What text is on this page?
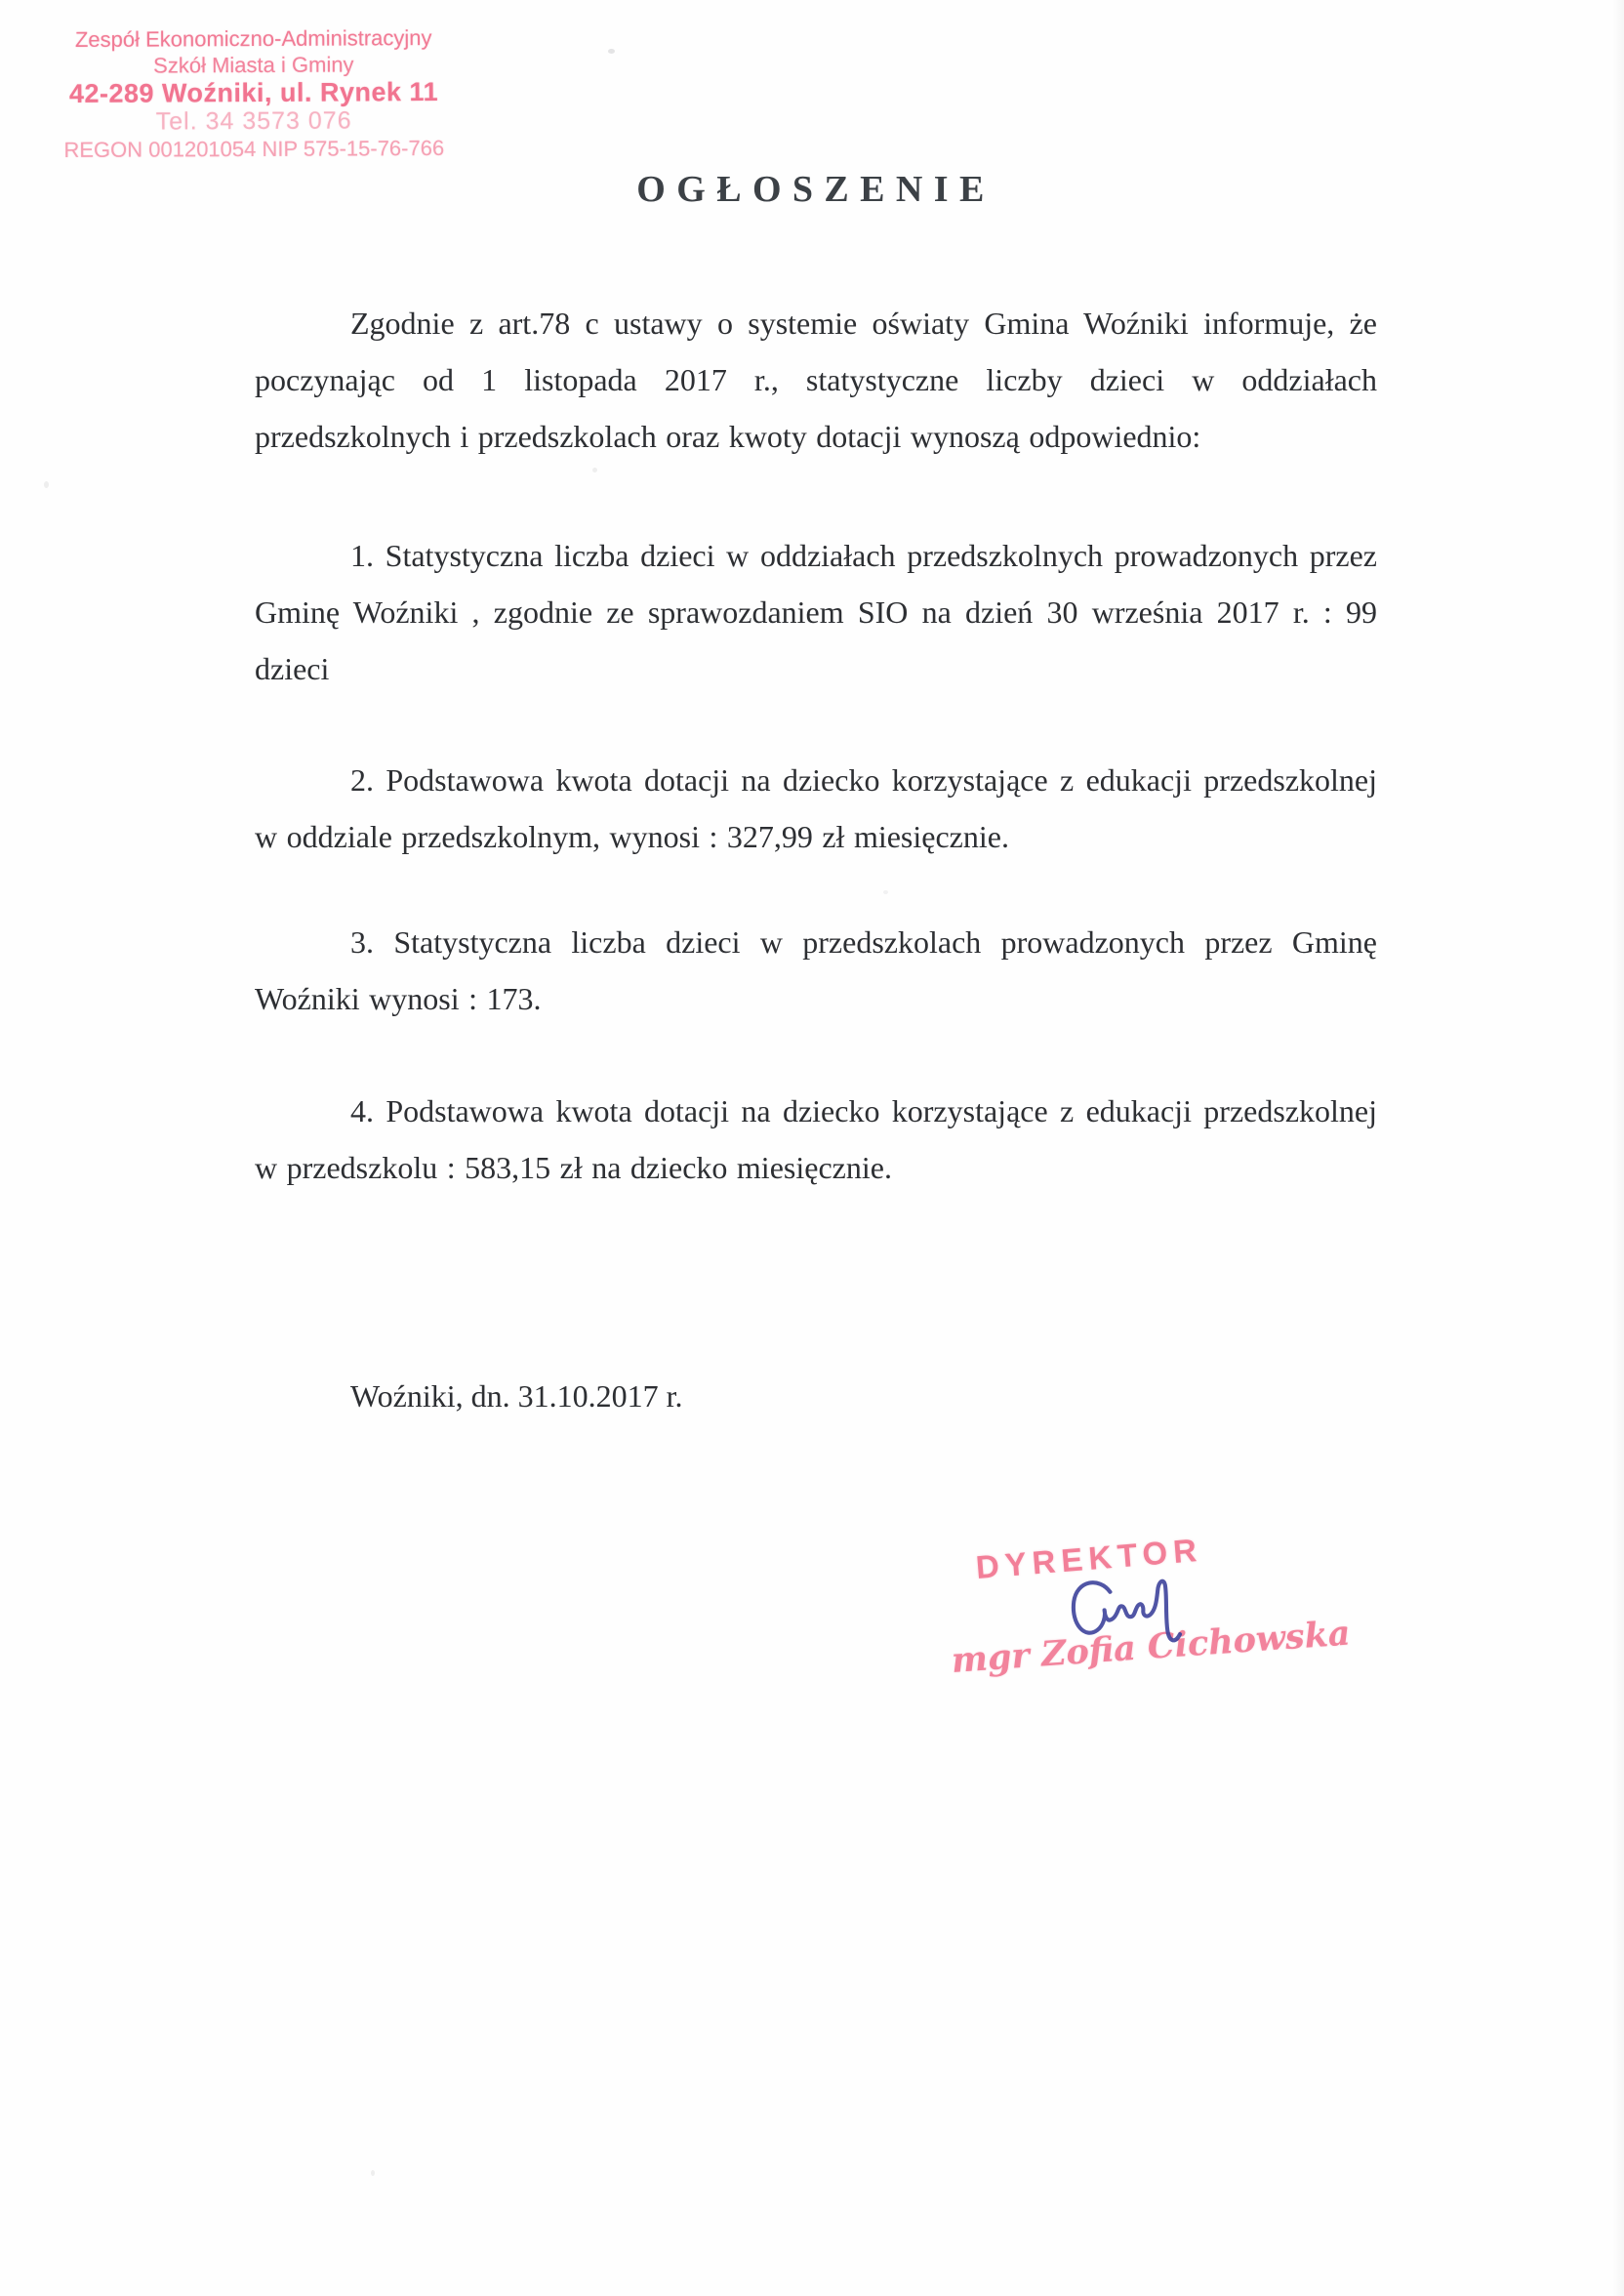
Zespół Ekonomiczno-Administracyjny
Szkół Miasta i Gminy
42-289 Woźniki, ul. Rynek 11
Tel. 34 3573 076
REGON 001201054 NIP 575-15-76-766
OGŁOSZENIE

Zgodnie z art.78 c ustawy o systemie oświaty Gmina Woźniki informuje, że poczynając od 1 listopada 2017 r., statystyczne liczby dzieci w oddziałach przedszkolnych i przedszkolach oraz kwoty dotacji wynoszą odpowiednio:

1. Statystyczna liczba dzieci w oddziałach przedszkolnych prowadzonych przez Gminę Woźniki , zgodnie ze sprawozdaniem SIO na dzień 30 września 2017 r. : 99 dzieci

2. Podstawowa kwota dotacji na dziecko korzystające z edukacji przedszkolnej w oddziale przedszkolnym, wynosi : 327,99 zł miesięcznie.

3. Statystyczna liczba dzieci w przedszkolach prowadzonych przez Gminę Woźniki wynosi : 173.

4. Podstawowa kwota dotacji na dziecko korzystające z edukacji przedszkolnej w przedszkolu : 583,15 zł na dziecko miesięcznie.

Woźniki, dn. 31.10.2017 r.

DYREKTOR
mgr Zofia Cichowska
